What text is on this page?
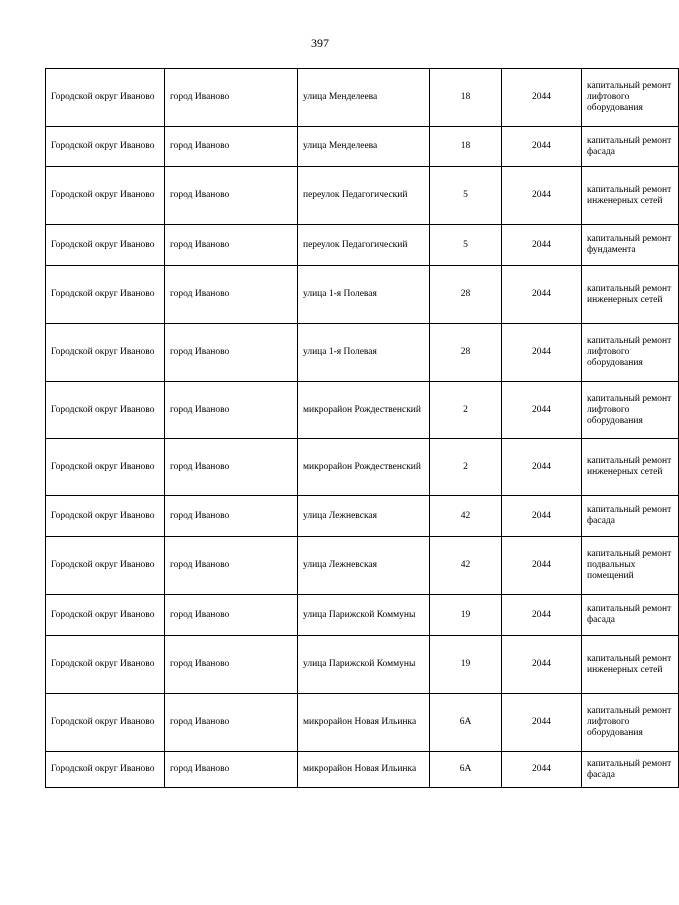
397
Городской округ Иваново	город Иваново	улица Менделеева	18	2044	капитальный ремонт лифтового оборудования
Городской округ Иваново	город Иваново	улица Менделеева	18	2044	капитальный ремонт фасада
Городской округ Иваново	город Иваново	переулок Педагогический	5	2044	капитальный ремонт инженерных сетей
Городской округ Иваново	город Иваново	переулок Педагогический	5	2044	капитальный ремонт фундамента
Городской округ Иваново	город Иваново	улица 1-я Полевая	28	2044	капитальный ремонт инженерных сетей
Городской округ Иваново	город Иваново	улица 1-я Полевая	28	2044	капитальный ремонт лифтового оборудования
Городской округ Иваново	город Иваново	микрорайон Рождественский	2	2044	капитальный ремонт лифтового оборудования
Городской округ Иваново	город Иваново	микрорайон Рождественский	2	2044	капитальный ремонт инженерных сетей
Городской округ Иваново	город Иваново	улица Лежневская	42	2044	капитальный ремонт фасада
Городской округ Иваново	город Иваново	улица Лежневская	42	2044	капитальный ремонт подвальных помещений
Городской округ Иваново	город Иваново	улица Парижской Коммуны	19	2044	капитальный ремонт фасада
Городской округ Иваново	город Иваново	улица Парижской Коммуны	19	2044	капитальный ремонт инженерных сетей
Городской округ Иваново	город Иваново	микрорайон Новая Ильинка	6А	2044	капитальный ремонт лифтового оборудования
Городской округ Иваново	город Иваново	микрорайон Новая Ильинка	6А	2044	капитальный ремонт фасада
